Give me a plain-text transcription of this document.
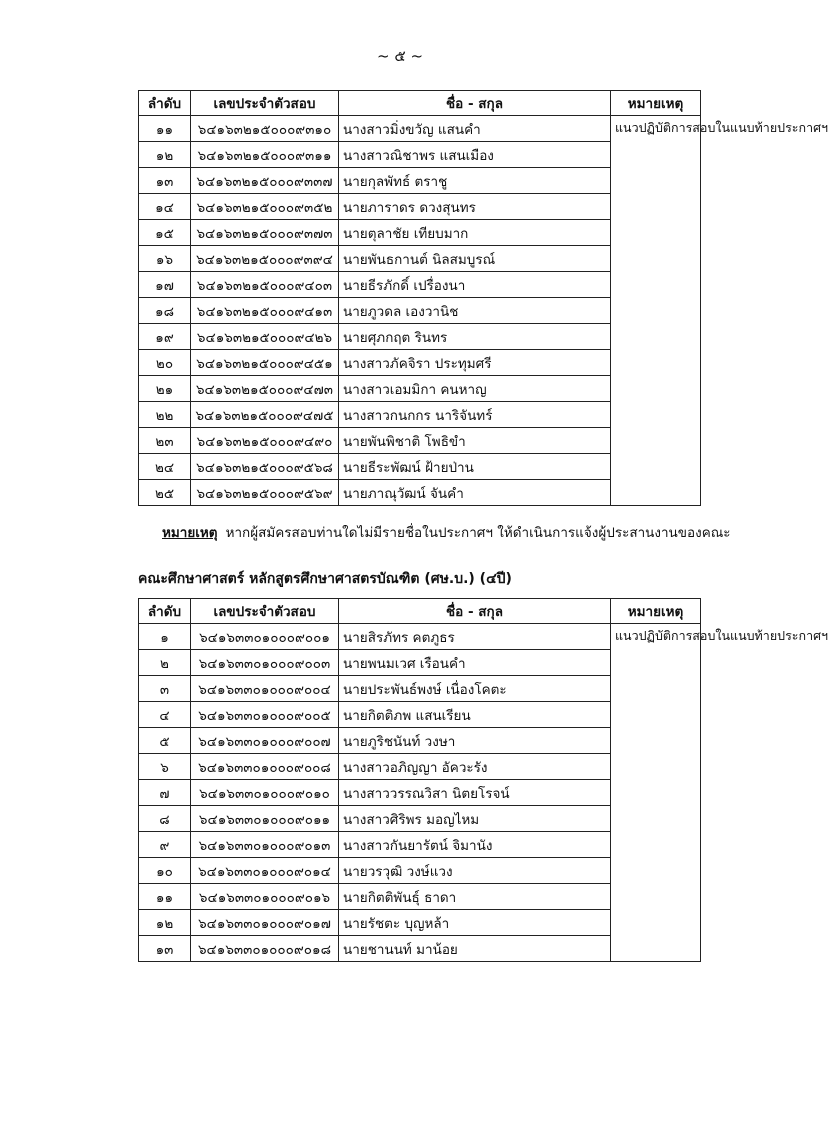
~ ๕ ~
ลำดับ	เลขประจำตัวสอบ	ชื่อ - สกุล	หมายเหตุ
๑๑	๖๔๑๖๓๒๑๕๐๐๐๙๓๑๐	นางสาวมิ่งขวัญ แสนคำ	แนวปฏิบัติการสอบในแนบท้ายประกาศฯ
๑๒	๖๔๑๖๓๒๑๕๐๐๐๙๓๑๑	นางสาวณิชาพร แสนเมือง	
๑๓	๖๔๑๖๓๒๑๕๐๐๐๙๓๓๗	นายกุลพัทธ์ ตราชู	
๑๔	๖๔๑๖๓๒๑๕๐๐๐๙๓๕๒	นายภาราดร ดวงสุนทร	
๑๕	๖๔๑๖๓๒๑๕๐๐๐๙๓๗๓	นายตุลาชัย เทียบมาก	
๑๖	๖๔๑๖๓๒๑๕๐๐๐๙๓๙๔	นายพันธกานต์ นิลสมบูรณ์	
๑๗	๖๔๑๖๓๒๑๕๐๐๐๙๔๐๓	นายธีรภักดิ์ เปรื่องนา	
๑๘	๖๔๑๖๓๒๑๕๐๐๐๙๔๑๓	นายภูวดล เองวานิช	
๑๙	๖๔๑๖๓๒๑๕๐๐๐๙๔๒๖	นายศุภกฤต รินทร	
๒๐	๖๔๑๖๓๒๑๕๐๐๐๙๔๕๑	นางสาวภัคจิรา ประทุมศรี	
๒๑	๖๔๑๖๓๒๑๕๐๐๐๙๔๗๓	นางสาวเอมมิกา คนหาญ	
๒๒	๖๔๑๖๓๒๑๕๐๐๐๙๔๗๕	นางสาวกนกกร นาริจันทร์	
๒๓	๖๔๑๖๓๒๑๕๐๐๐๙๔๙๐	นายพันพิชาติ โพธิขำ	
๒๔	๖๔๑๖๓๒๑๕๐๐๐๙๕๖๘	นายธีระพัฒน์ ฝ้ายป่าน	
๒๕	๖๔๑๖๓๒๑๕๐๐๐๙๕๖๙	นายภาณุวัฒน์ จันคำ	
หมายเหตุ หากผู้สมัครสอบท่านใดไม่มีรายชื่อในประกาศฯ ให้ดำเนินการแจ้งผู้ประสานงานของคณะ
คณะศึกษาศาสตร์ หลักสูตรศึกษาศาสตรบัณฑิต (ศษ.บ.) (๔ปี)
ลำดับ	เลขประจำตัวสอบ	ชื่อ - สกุล	หมายเหตุ
๑	๖๔๑๖๓๓๐๑๐๐๐๙๐๐๑	นายสิรภัทร คตภูธร	แนวปฏิบัติการสอบในแนบท้ายประกาศฯ
๒	๖๔๑๖๓๓๐๑๐๐๐๙๐๐๓	นายพนมเวศ เรือนคำ	
๓	๖๔๑๖๓๓๐๑๐๐๐๙๐๐๔	นายประพันธ์พงษ์ เนื่องโคตะ	
๔	๖๔๑๖๓๓๐๑๐๐๐๙๐๐๕	นายกิตติภพ แสนเรียน	
๕	๖๔๑๖๓๓๐๑๐๐๐๙๐๐๗	นายภูริชนันท์ วงษา	
๖	๖๔๑๖๓๓๐๑๐๐๐๙๐๐๘	นางสาวอภิญญา อัควะรัง	
๗	๖๔๑๖๓๓๐๑๐๐๐๙๐๑๐	นางสาววรรณวิสา นิตยโรจน์	
๘	๖๔๑๖๓๓๐๑๐๐๐๙๐๑๑	นางสาวศิริพร มอญไหม	
๙	๖๔๑๖๓๓๐๑๐๐๐๙๐๑๓	นางสาวกันยารัตน์ จิมานัง	
๑๐	๖๔๑๖๓๓๐๑๐๐๐๙๐๑๔	นายวรวุฒิ วงษ์แวง	
๑๑	๖๔๑๖๓๓๐๑๐๐๐๙๐๑๖	นายกิตติพันธุ์ ธาดา	
๑๒	๖๔๑๖๓๓๐๑๐๐๐๙๐๑๗	นายรัชตะ บุญหล้า	
๑๓	๖๔๑๖๓๓๐๑๐๐๐๙๐๑๘	นายชานนท์ มาน้อย	
